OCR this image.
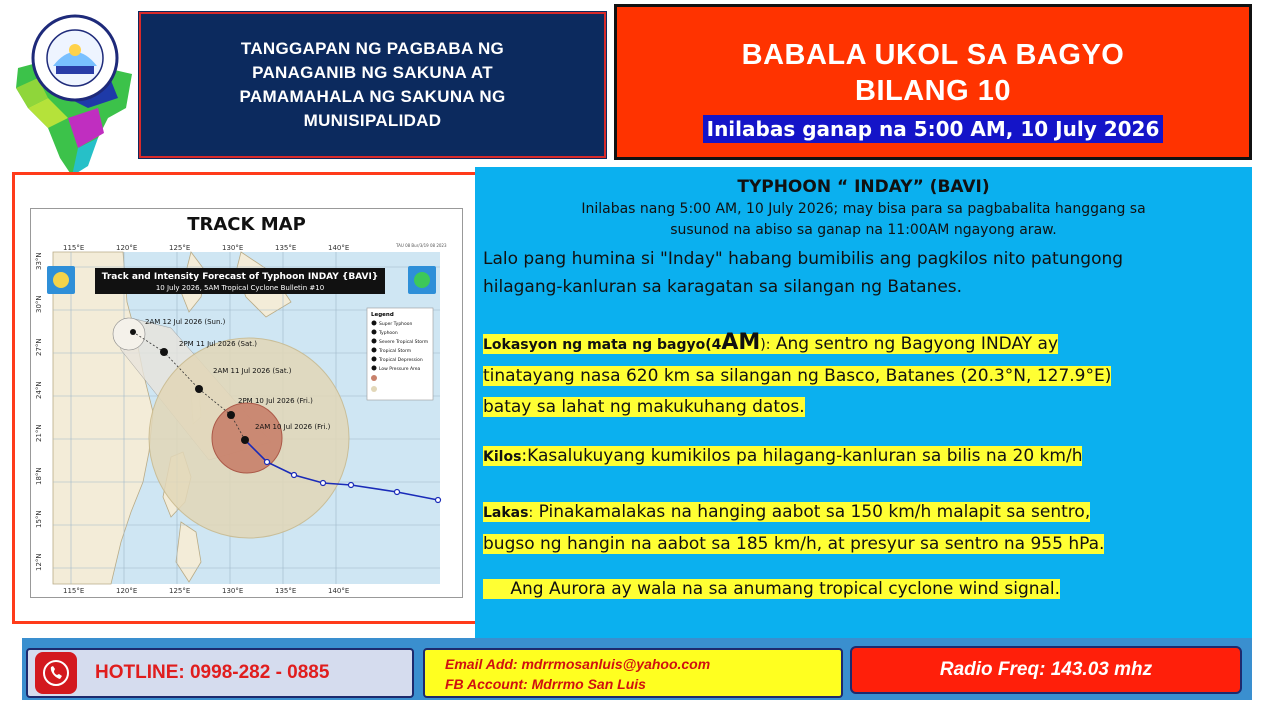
TANGGAPAN NG PAGBABA NG
PANAGANIB NG SAKUNA AT
PAMAMAHALA NG SAKUNA NG
MUNISIPALIDAD
BABALA UKOL SA BAGYO
BILANG 10
Inilabas ganap na 5:00 AM, 10 July 2026
TRACK MAP
115°E	120°E	125°E	130°E	135°E	140°E
115°E	120°E	125°E	130°E	135°E	140°E
33°N
30°N
27°N
24°N
21°N
18°N
15°N
12°N
TAU 08 Bur/3/19 08 2023
Track and Intensity Forecast of Typhoon INDAY {BAVI}
10 July 2026, 5AM Tropical Cyclone Bulletin #10
2AM 12 Jul 2026 (Sun.)
2PM 11 Jul 2026 (Sat.)
2AM 11 Jul 2026 (Sat.)
2PM 10 Jul 2026 (Fri.)
2AM 10 Jul 2026 (Fri.)
Legend
Super Typhoon
Typhoon
Severe Tropical Storm
Tropical Storm
Tropical Depression
Low Pressure Area
TYPHOON “ INDAY” (BAVI)
Inilabas nang 5:00 AM, 10 July 2026; may bisa para sa pagbabalita hanggang sa
susunod na abiso sa ganap na 11:00AM ngayong araw.
Lalo pang humina si "Inday" habang bumibilis ang pagkilos nito patungong
hilagang-kanluran sa karagatan sa silangan ng Batanes.
Lokasyon ng mata ng bagyo(4AM): Ang sentro ng Bagyong INDAY ay
tinatayang nasa 620 km sa silangan ng Basco, Batanes (20.3°N, 127.9°E)
batay sa lahat ng makukuhang datos.
Kilos:Kasalukuyang kumikilos pa hilagang-kanluran sa bilis na 20 km/h
Lakas: Pinakamalakas na hanging aabot sa 150 km/h malapit sa sentro,
bugso ng hangin na aabot sa 185 km/h, at presyur sa sentro na 955 hPa.
Ang Aurora ay wala na sa anumang tropical cyclone wind signal.
HOTLINE: 0998-282 - 0885	Email Add: mdrrmosanluis@yahoo.com
FB Account: Mdrrmo San Luis
Radio Freq: 143.03 mhz
